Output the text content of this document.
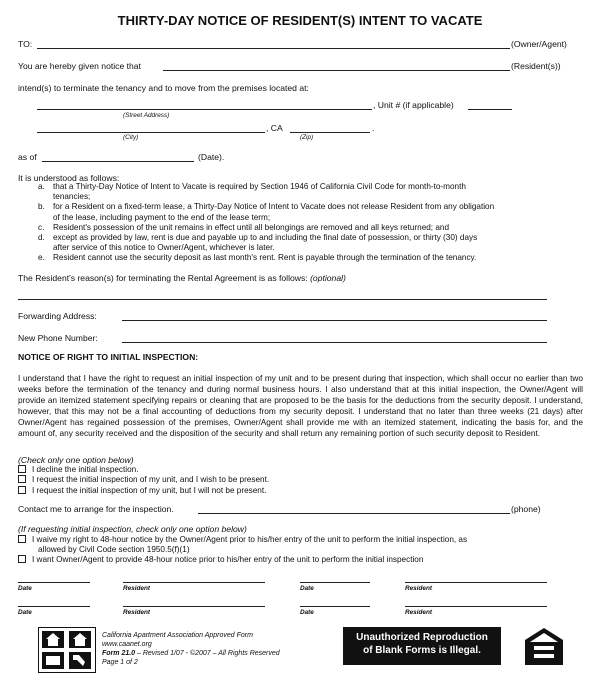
THIRTY-DAY NOTICE OF RESIDENT(S) INTENT TO VACATE
TO:	(Owner/Agent)
You are hereby given notice that	(Resident(s))
intend(s) to terminate the tenancy and to move from the premises located at:
, Unit # (if applicable)
(Street Address)
, CA	.
(City)	(Zip)
as of	(Date).
It is understood as follows:
a. that a Thirty-Day Notice of Intent to Vacate is required by Section 1946 of California Civil Code for month-to-month
tenancies;
b. for a Resident on a fixed-term lease, a Thirty-Day Notice of Intent to Vacate does not release Resident from any obligation
of the lease, including payment to the end of the lease term;
c. Resident's possession of the unit remains in effect until all belongings are removed and all keys returned; and
d. except as provided by law, rent is due and payable up to and including the final date of possession, or thirty (30) days
after service of this notice to Owner/Agent, whichever is later.
e. Resident cannot use the security deposit as last month's rent. Rent is payable through the termination of the tenancy.
The Resident's reason(s) for terminating the Rental Agreement is as follows: (optional)
Forwarding Address:
New Phone Number:
NOTICE OF RIGHT TO INITIAL INSPECTION:
I understand that I have the right to request an initial inspection of my unit and to be present during that inspection, which shall occur no earlier than two weeks before the termination of the tenancy and during normal business hours. I also understand that at this initial inspection, the Owner/Agent will provide an itemized statement specifying repairs or cleaning that are proposed to be the basis for the deductions from the security deposit. I understand, however, that this may not be a final accounting of deductions from my security deposit. I understand that no later than three weeks (21 days) after Owner/Agent has regained possession of the premises, Owner/Agent shall provide me with an itemized statement, indicating the basis for, and the amount of, any security received and the disposition of the security and shall return any remaining portion of such security deposit to Resident.
(Check only one option below)
I decline the initial inspection.
I request the initial inspection of my unit, and I wish to be present.
I request the initial inspection of my unit, but I will not be present.
Contact me to arrange for the inspection.	(phone)
(If requesting initial inspection, check only one option below)
I waive my right to 48-hour notice by the Owner/Agent prior to his/her entry of the unit to perform the initial inspection, as
allowed by Civil Code section 1950.5(f)(1)
I want Owner/Agent to provide 48-hour notice prior to his/her entry of the unit to perform the initial inspection
Date	Resident	Date	Resident
Date	Resident	Date	Resident
California Apartment Association Approved Form
www.caanet.org
Form 21.0 – Revised 1/07 - ©2007 – All Rights Reserved
Page 1 of 2
Unauthorized Reproduction
of Blank Forms is Illegal.
